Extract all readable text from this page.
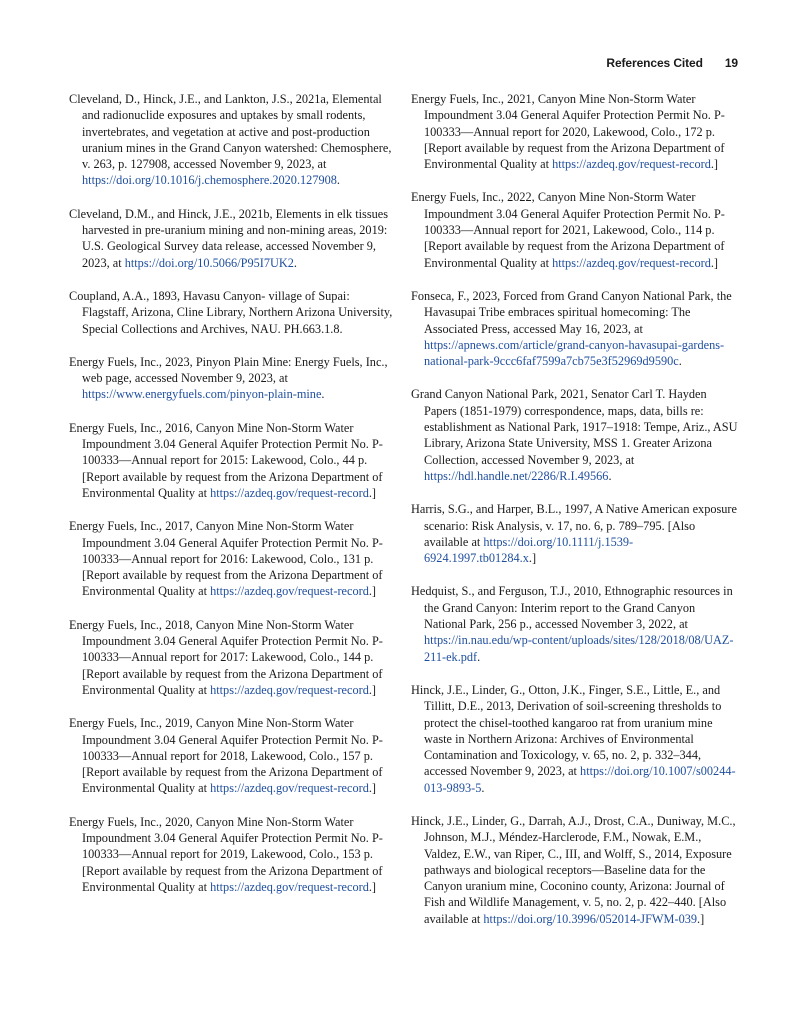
References Cited 19

Cleveland, D., Hinck, J.E., and Lankton, J.S., 2021a, Elemental and radionuclide exposures and uptakes by small rodents, invertebrates, and vegetation at active and post-production uranium mines in the Grand Canyon watershed: Chemosphere, v. 263, p. 127908, accessed November 9, 2023, at https://doi.org/10.1016/j.chemosphere.2020.127908.

Cleveland, D.M., and Hinck, J.E., 2021b, Elements in elk tissues harvested in pre-uranium mining and non-mining areas, 2019: U.S. Geological Survey data release, accessed November 9, 2023, at https://doi.org/10.5066/P95I7UK2.

Coupland, A.A., 1893, Havasu Canyon- village of Supai: Flagstaff, Arizona, Cline Library, Northern Arizona University, Special Collections and Archives, NAU. PH.663.1.8.

Energy Fuels, Inc., 2023, Pinyon Plain Mine: Energy Fuels, Inc., web page, accessed November 9, 2023, at https://www.energyfuels.com/pinyon-plain-mine.

Energy Fuels, Inc., 2016, Canyon Mine Non-Storm Water Impoundment 3.04 General Aquifer Protection Permit No. P-100333—Annual report for 2015: Lakewood, Colo., 44 p. [Report available by request from the Arizona Department of Environmental Quality at https://azdeq.gov/request-record.]

Energy Fuels, Inc., 2017, Canyon Mine Non-Storm Water Impoundment 3.04 General Aquifer Protection Permit No. P-100333—Annual report for 2016: Lakewood, Colo., 131 p. [Report available by request from the Arizona Department of Environmental Quality at https://azdeq.gov/request-record.]

Energy Fuels, Inc., 2018, Canyon Mine Non-Storm Water Impoundment 3.04 General Aquifer Protection Permit No. P-100333—Annual report for 2017: Lakewood, Colo., 144 p. [Report available by request from the Arizona Department of Environmental Quality at https://azdeq.gov/request-record.]

Energy Fuels, Inc., 2019, Canyon Mine Non-Storm Water Impoundment 3.04 General Aquifer Protection Permit No. P-100333—Annual report for 2018, Lakewood, Colo., 157 p. [Report available by request from the Arizona Department of Environmental Quality at https://azdeq.gov/request-record.]

Energy Fuels, Inc., 2020, Canyon Mine Non-Storm Water Impoundment 3.04 General Aquifer Protection Permit No. P-100333—Annual report for 2019, Lakewood, Colo., 153 p. [Report available by request from the Arizona Department of Environmental Quality at https://azdeq.gov/request-record.]

Energy Fuels, Inc., 2021, Canyon Mine Non-Storm Water Impoundment 3.04 General Aquifer Protection Permit No. P-100333—Annual report for 2020, Lakewood, Colo., 172 p. [Report available by request from the Arizona Department of Environmental Quality at https://azdeq.gov/request-record.]

Energy Fuels, Inc., 2022, Canyon Mine Non-Storm Water Impoundment 3.04 General Aquifer Protection Permit No. P-100333—Annual report for 2021, Lakewood, Colo., 114 p. [Report available by request from the Arizona Department of Environmental Quality at https://azdeq.gov/request-record.]

Fonseca, F., 2023, Forced from Grand Canyon National Park, the Havasupai Tribe embraces spiritual homecoming: The Associated Press, accessed May 16, 2023, at https://apnews.com/article/grand-canyon-havasupai-gardens-national-park-9ccc6faf7599a7cb75e3f52969d9590c.

Grand Canyon National Park, 2021, Senator Carl T. Hayden Papers (1851-1979) correspondence, maps, data, bills re: establishment as National Park, 1917–1918: Tempe, Ariz., ASU Library, Arizona State University, MSS 1. Greater Arizona Collection, accessed November 9, 2023, at https://hdl.handle.net/2286/R.I.49566.

Harris, S.G., and Harper, B.L., 1997, A Native American exposure scenario: Risk Analysis, v. 17, no. 6, p. 789–795. [Also available at https://doi.org/10.1111/j.1539-6924.1997.tb01284.x.]

Hedquist, S., and Ferguson, T.J., 2010, Ethnographic resources in the Grand Canyon: Interim report to the Grand Canyon National Park, 256 p., accessed November 3, 2022, at https://in.nau.edu/wp-content/uploads/sites/128/2018/08/UAZ-211-ek.pdf.

Hinck, J.E., Linder, G., Otton, J.K., Finger, S.E., Little, E., and Tillitt, D.E., 2013, Derivation of soil-screening thresholds to protect the chisel-toothed kangaroo rat from uranium mine waste in Northern Arizona: Archives of Environmental Contamination and Toxicology, v. 65, no. 2, p. 332–344, accessed November 9, 2023, at https://doi.org/10.1007/s00244-013-9893-5.

Hinck, J.E., Linder, G., Darrah, A.J., Drost, C.A., Duniway, M.C., Johnson, M.J., Méndez-Harclerode, F.M., Nowak, E.M., Valdez, E.W., van Riper, C., III, and Wolff, S., 2014, Exposure pathways and biological receptors—Baseline data for the Canyon uranium mine, Coconino county, Arizona: Journal of Fish and Wildlife Management, v. 5, no. 2, p. 422–440. [Also available at https://doi.org/10.3996/052014-JFWM-039.]
